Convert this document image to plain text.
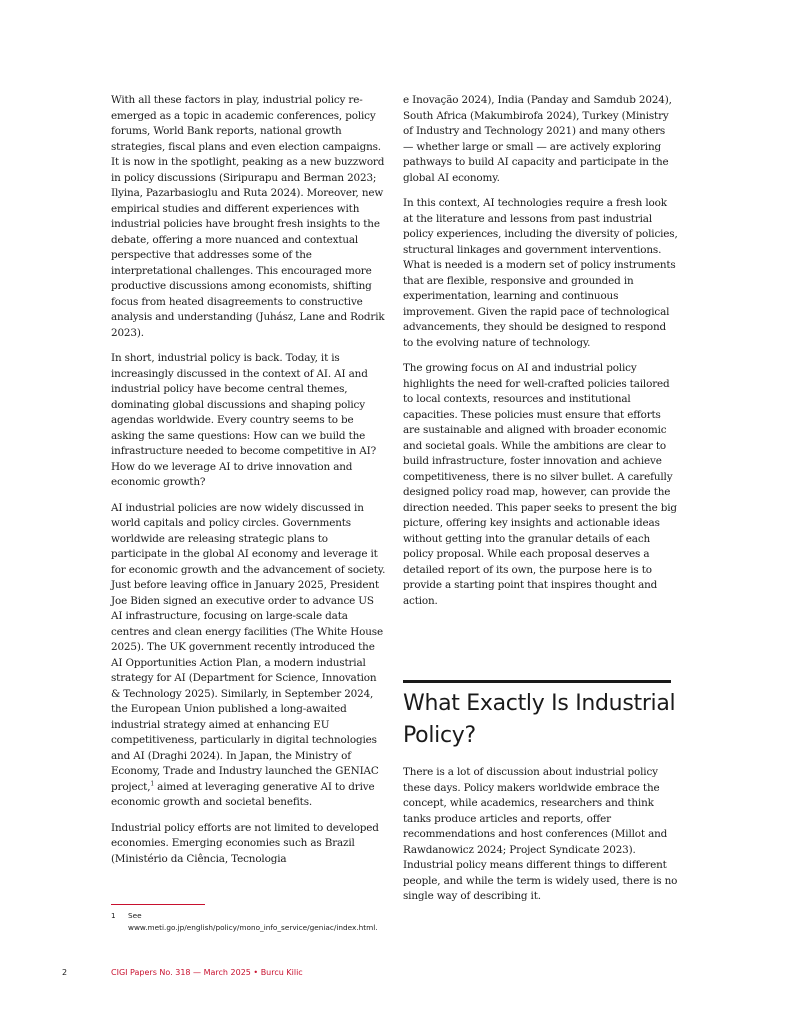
With all these factors in play, industrial policy re-emerged as a topic in academic conferences, policy forums, World Bank reports, national growth strategies, fiscal plans and even election campaigns. It is now in the spotlight, peaking as a new buzzword in policy discussions (Siripurapu and Berman 2023; Ilyina, Pazarbasioglu and Ruta 2024). Moreover, new empirical studies and different experiences with industrial policies have brought fresh insights to the debate, offering a more nuanced and contextual perspective that addresses some of the interpretational challenges. This encouraged more productive discussions among economists, shifting focus from heated disagreements to constructive analysis and understanding (Juhász, Lane and Rodrik 2023).

In short, industrial policy is back. Today, it is increasingly discussed in the context of AI. AI and industrial policy have become central themes, dominating global discussions and shaping policy agendas worldwide. Every country seems to be asking the same questions: How can we build the infrastructure needed to become competitive in AI? How do we leverage AI to drive innovation and economic growth?

AI industrial policies are now widely discussed in world capitals and policy circles. Governments worldwide are releasing strategic plans to participate in the global AI economy and leverage it for economic growth and the advancement of society. Just before leaving office in January 2025, President Joe Biden signed an executive order to advance US AI infrastructure, focusing on large-scale data centres and clean energy facilities (The White House 2025). The UK government recently introduced the AI Opportunities Action Plan, a modern industrial strategy for AI (Department for Science, Innovation & Technology 2025). Similarly, in September 2024, the European Union published a long-awaited industrial strategy aimed at enhancing EU competitiveness, particularly in digital technologies and AI (Draghi 2024). In Japan, the Ministry of Economy, Trade and Industry launched the GENIAC project,$^1$ aimed at leveraging generative AI to drive economic growth and societal benefits.

Industrial policy efforts are not limited to developed economies. Emerging economies such as Brazil (Ministério da Ciência, Tecnologia

e Inovação 2024), India (Panday and Samdub 2024), South Africa (Makumbirofa 2024), Turkey (Ministry of Industry and Technology 2021) and many others — whether large or small — are actively exploring pathways to build AI capacity and participate in the global AI economy.

In this context, AI technologies require a fresh look at the literature and lessons from past industrial policy experiences, including the diversity of policies, structural linkages and government interventions. What is needed is a modern set of policy instruments that are flexible, responsive and grounded in experimentation, learning and continuous improvement. Given the rapid pace of technological advancements, they should be designed to respond to the evolving nature of technology.

The growing focus on AI and industrial policy highlights the need for well-crafted policies tailored to local contexts, resources and institutional capacities. These policies must ensure that efforts are sustainable and aligned with broader economic and societal goals. While the ambitions are clear to build infrastructure, foster innovation and achieve competitiveness, there is no silver bullet. A carefully designed policy road map, however, can provide the direction needed. This paper seeks to present the big picture, offering key insights and actionable ideas without getting into the granular details of each policy proposal. While each proposal deserves a detailed report of its own, the purpose here is to provide a starting point that inspires thought and action.

What Exactly Is Industrial Policy?

There is a lot of discussion about industrial policy these days. Policy makers worldwide embrace the concept, while academics, researchers and think tanks produce articles and reports, offer recommendations and host conferences (Millot and Rawdanowicz 2024; Project Syndicate 2023). Industrial policy means different things to different people, and while the term is widely used, there is no single way of describing it.

1 See www.meti.go.jp/english/policy/mono_info_service/geniac/index.html.
2	CIGI Papers No. 318 — March 2025 • Burcu Kilic
